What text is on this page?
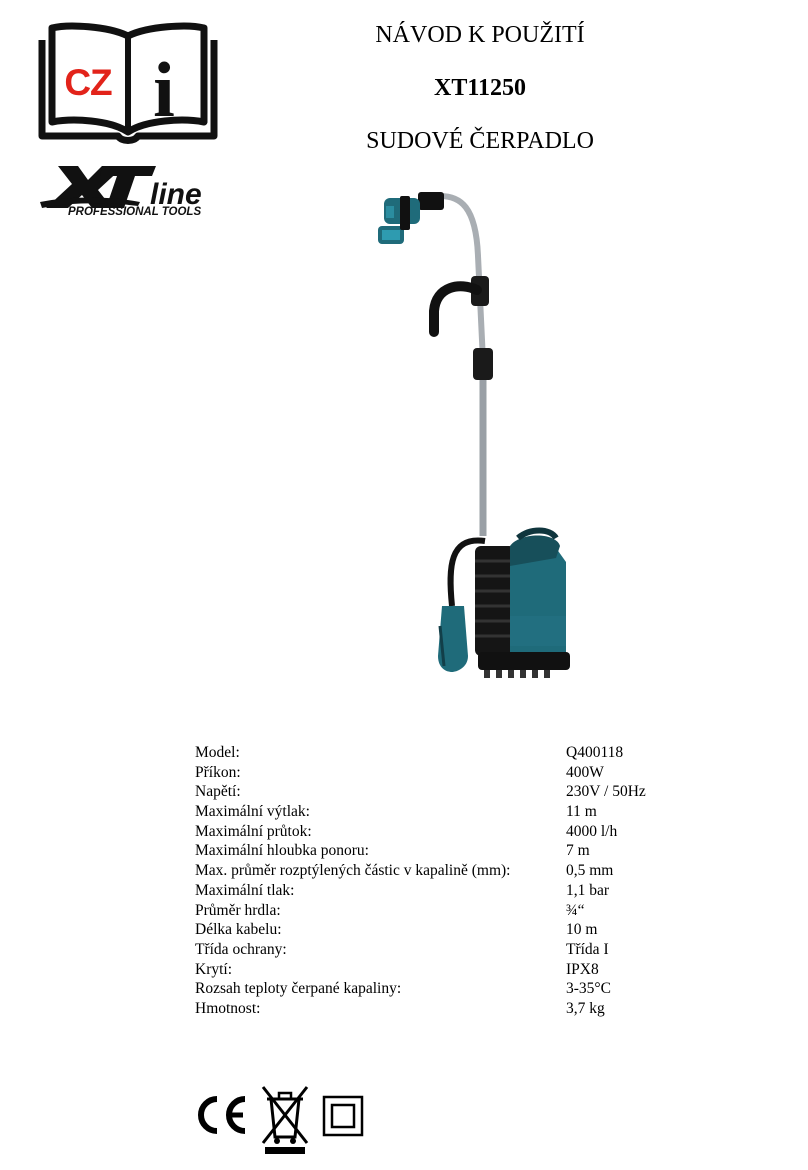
CZ i
line
PROFESSIONAL TOOLS
NÁVOD K POUŽITÍ
XT11250
SUDOVÉ ČERPADLO
Model:	Q400118
Příkon:	400W
Napětí:	230V / 50Hz
Maximální výtlak:	11 m
Maximální průtok:	4000 l/h
Maximální hloubka ponoru:	7 m
Max. průměr rozptýlených částic v kapalině (mm):	0,5 mm
Maximální tlak:	1,1 bar
Průměr hrdla:	¾“
Délka kabelu:	10 m
Třída ochrany:	Třída I
Krytí:	IPX8
Rozsah teploty čerpané kapaliny:	3-35°C
Hmotnost:	3,7 kg
